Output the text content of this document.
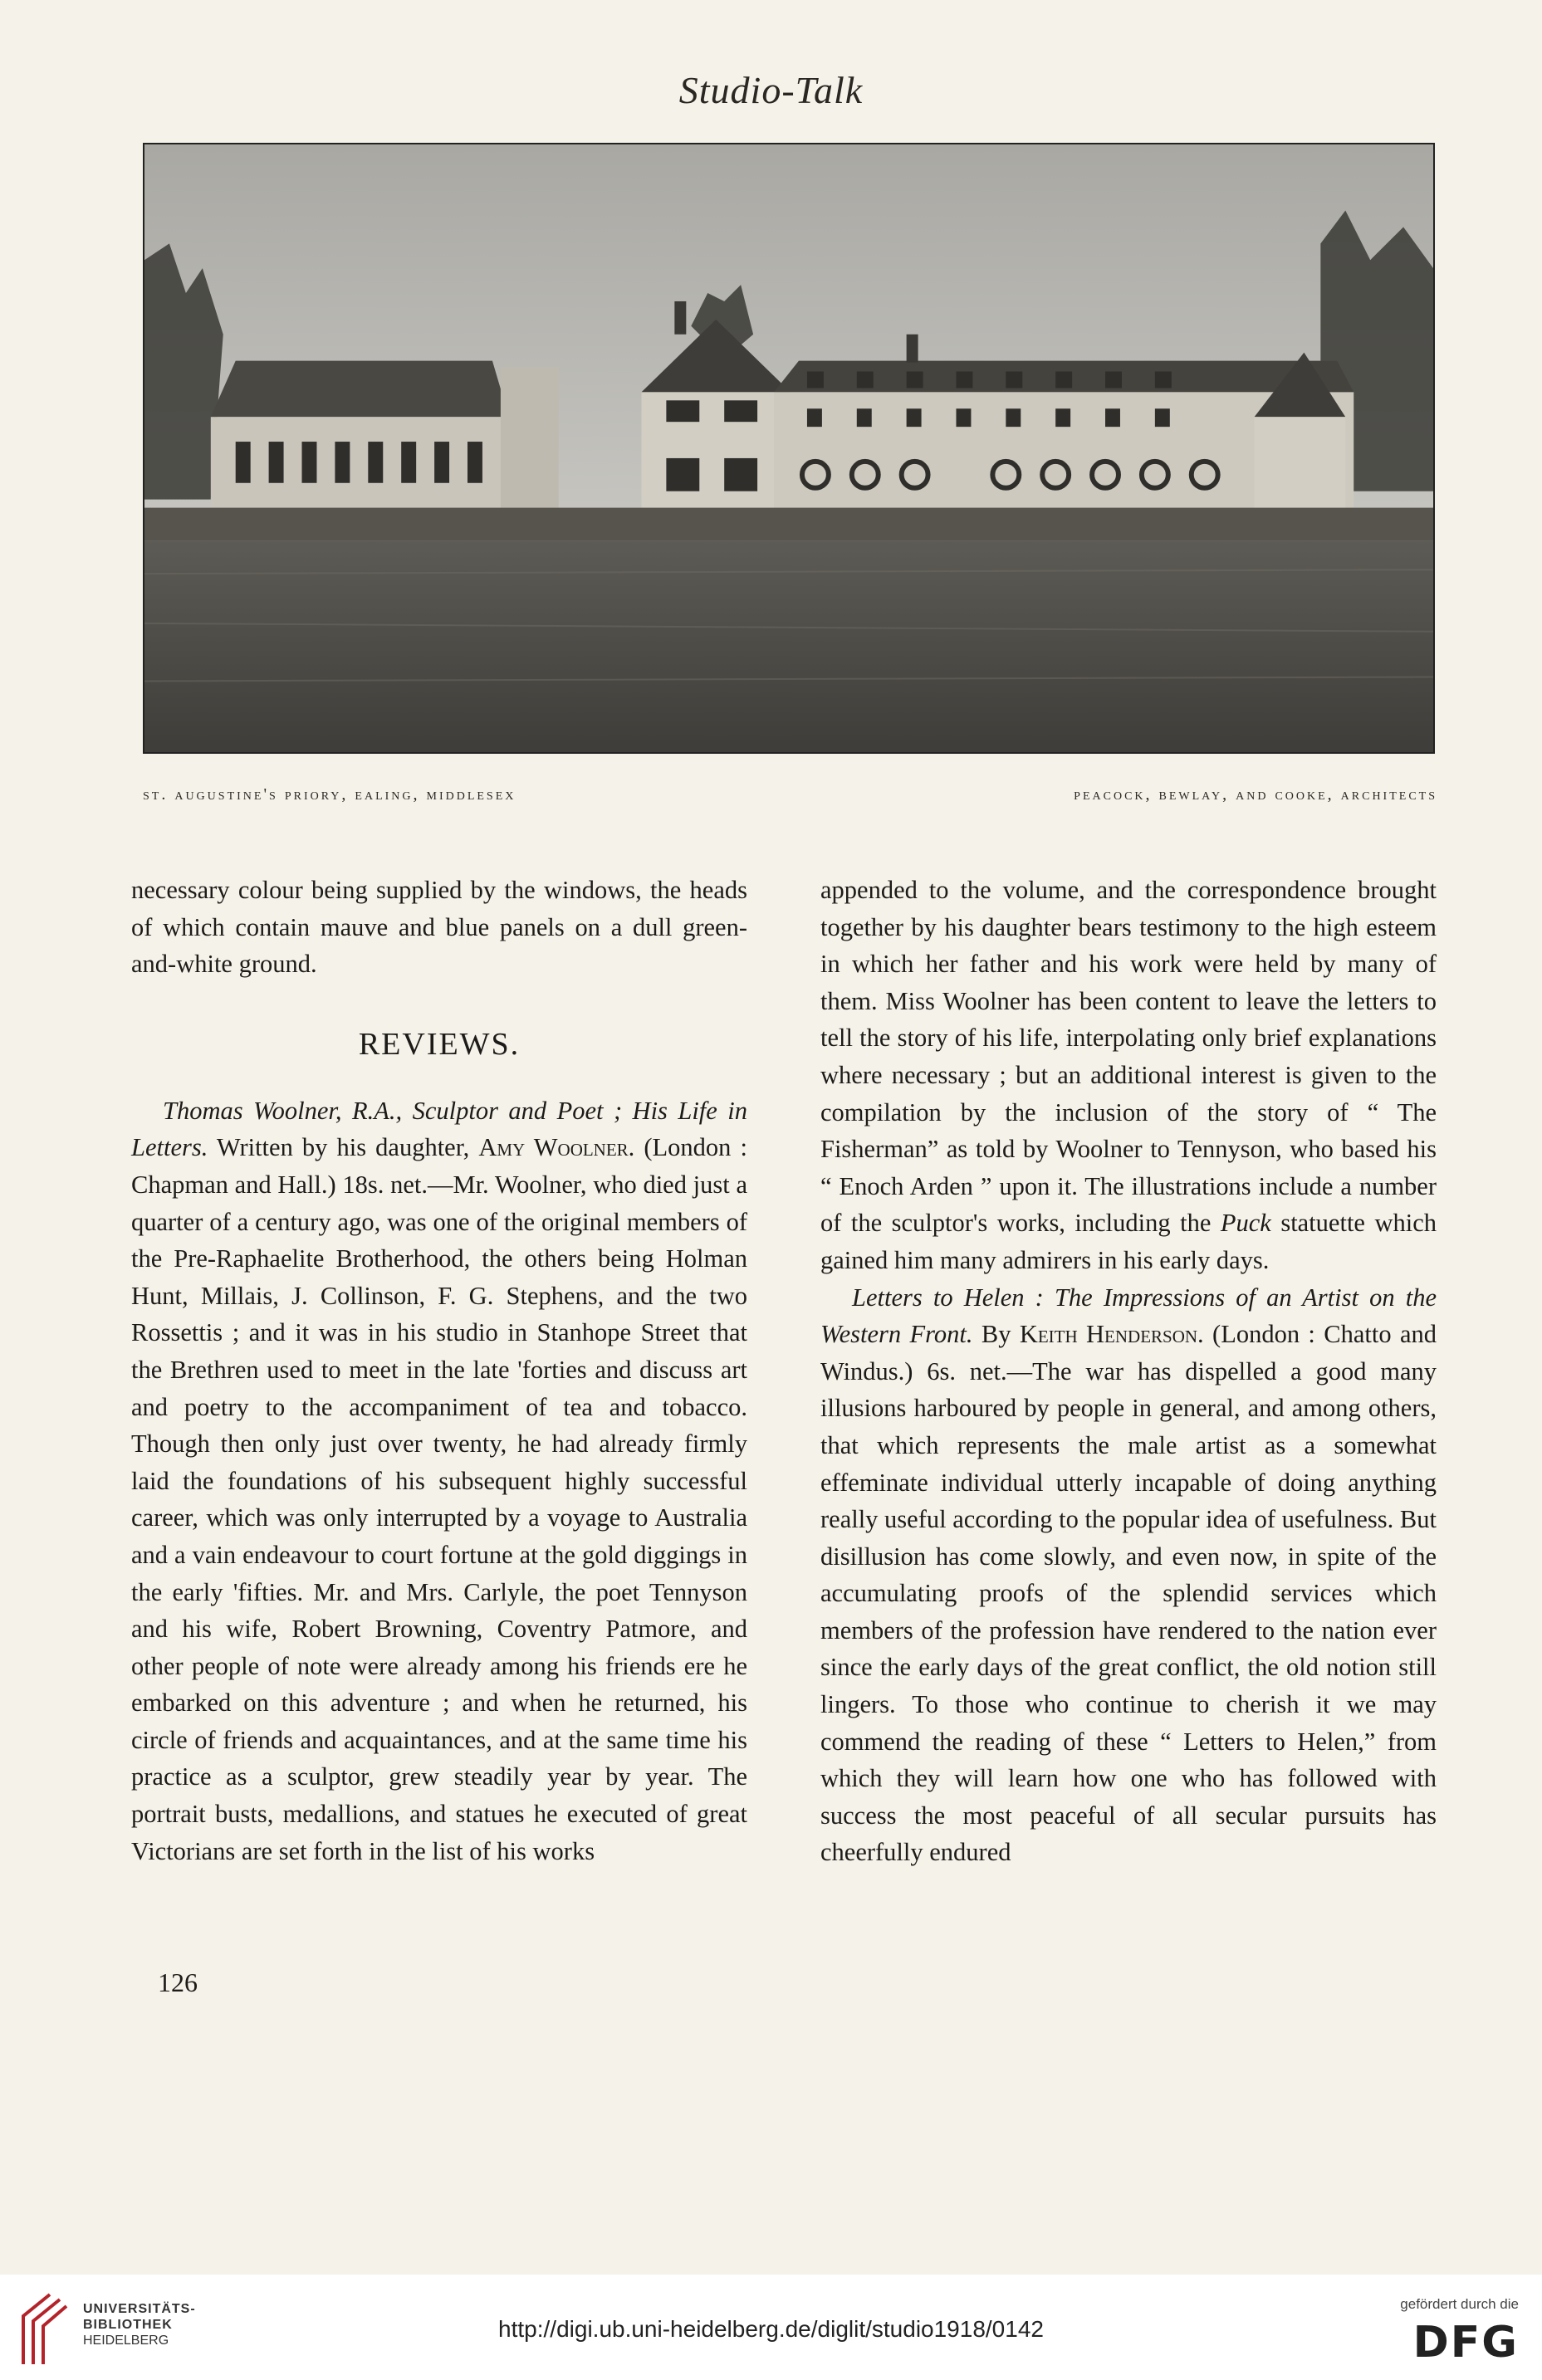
Studio-Talk
st. augustine's priory, ealing, middlesex	peacock, bewlay, and cooke, architects

necessary colour being supplied by the windows, the heads of which contain mauve and blue panels on a dull green-and-white ground.

REVIEWS.

Thomas Woolner, R.A., Sculptor and Poet ; His Life in Letters. Written by his daughter, Amy Woolner. (London : Chapman and Hall.) 18s. net.—Mr. Woolner, who died just a quarter of a century ago, was one of the original members of the Pre-Raphaelite Brotherhood, the others being Holman Hunt, Millais, J. Collinson, F. G. Stephens, and the two Rossettis ; and it was in his studio in Stanhope Street that the Brethren used to meet in the late 'forties and discuss art and poetry to the accompaniment of tea and tobacco. Though then only just over twenty, he had already firmly laid the foundations of his subsequent highly successful career, which was only interrupted by a voyage to Australia and a vain endeavour to court fortune at the gold diggings in the early 'fifties. Mr. and Mrs. Carlyle, the poet Tennyson and his wife, Robert Browning, Coventry Patmore, and other people of note were already among his friends ere he embarked on this adventure ; and when he returned, his circle of friends and acquaintances, and at the same time his practice as a sculptor, grew steadily year by year. The portrait busts, medallions, and statues he executed of great Victorians are set forth in the list of his works

appended to the volume, and the correspondence brought together by his daughter bears testimony to the high esteem in which her father and his work were held by many of them. Miss Woolner has been content to leave the letters to tell the story of his life, interpolating only brief explanations where necessary ; but an additional interest is given to the compilation by the inclusion of the story of “ The Fisherman” as told by Woolner to Tennyson, who based his “ Enoch Arden ” upon it. The illustrations include a number of the sculptor's works, including the Puck statuette which gained him many admirers in his early days.

Letters to Helen : The Impressions of an Artist on the Western Front. By Keith Henderson. (London : Chatto and Windus.) 6s. net.—The war has dispelled a good many illusions harboured by people in general, and among others, that which represents the male artist as a somewhat effeminate individual utterly incapable of doing anything really useful according to the popular idea of usefulness. But disillusion has come slowly, and even now, in spite of the accumulating proofs of the splendid services which members of the profession have rendered to the nation ever since the early days of the great conflict, the old notion still lingers. To those who continue to cherish it we may commend the reading of these “ Letters to Helen,” from which they will learn how one who has followed with success the most peaceful of all secular pursuits has cheerfully endured

126
UNIVERSITÄTS-
BIBLIOTHEK
HEIDELBERG	http://digi.ub.uni-heidelberg.de/diglit/studio1918/0142
gefördert durch die
DFG
